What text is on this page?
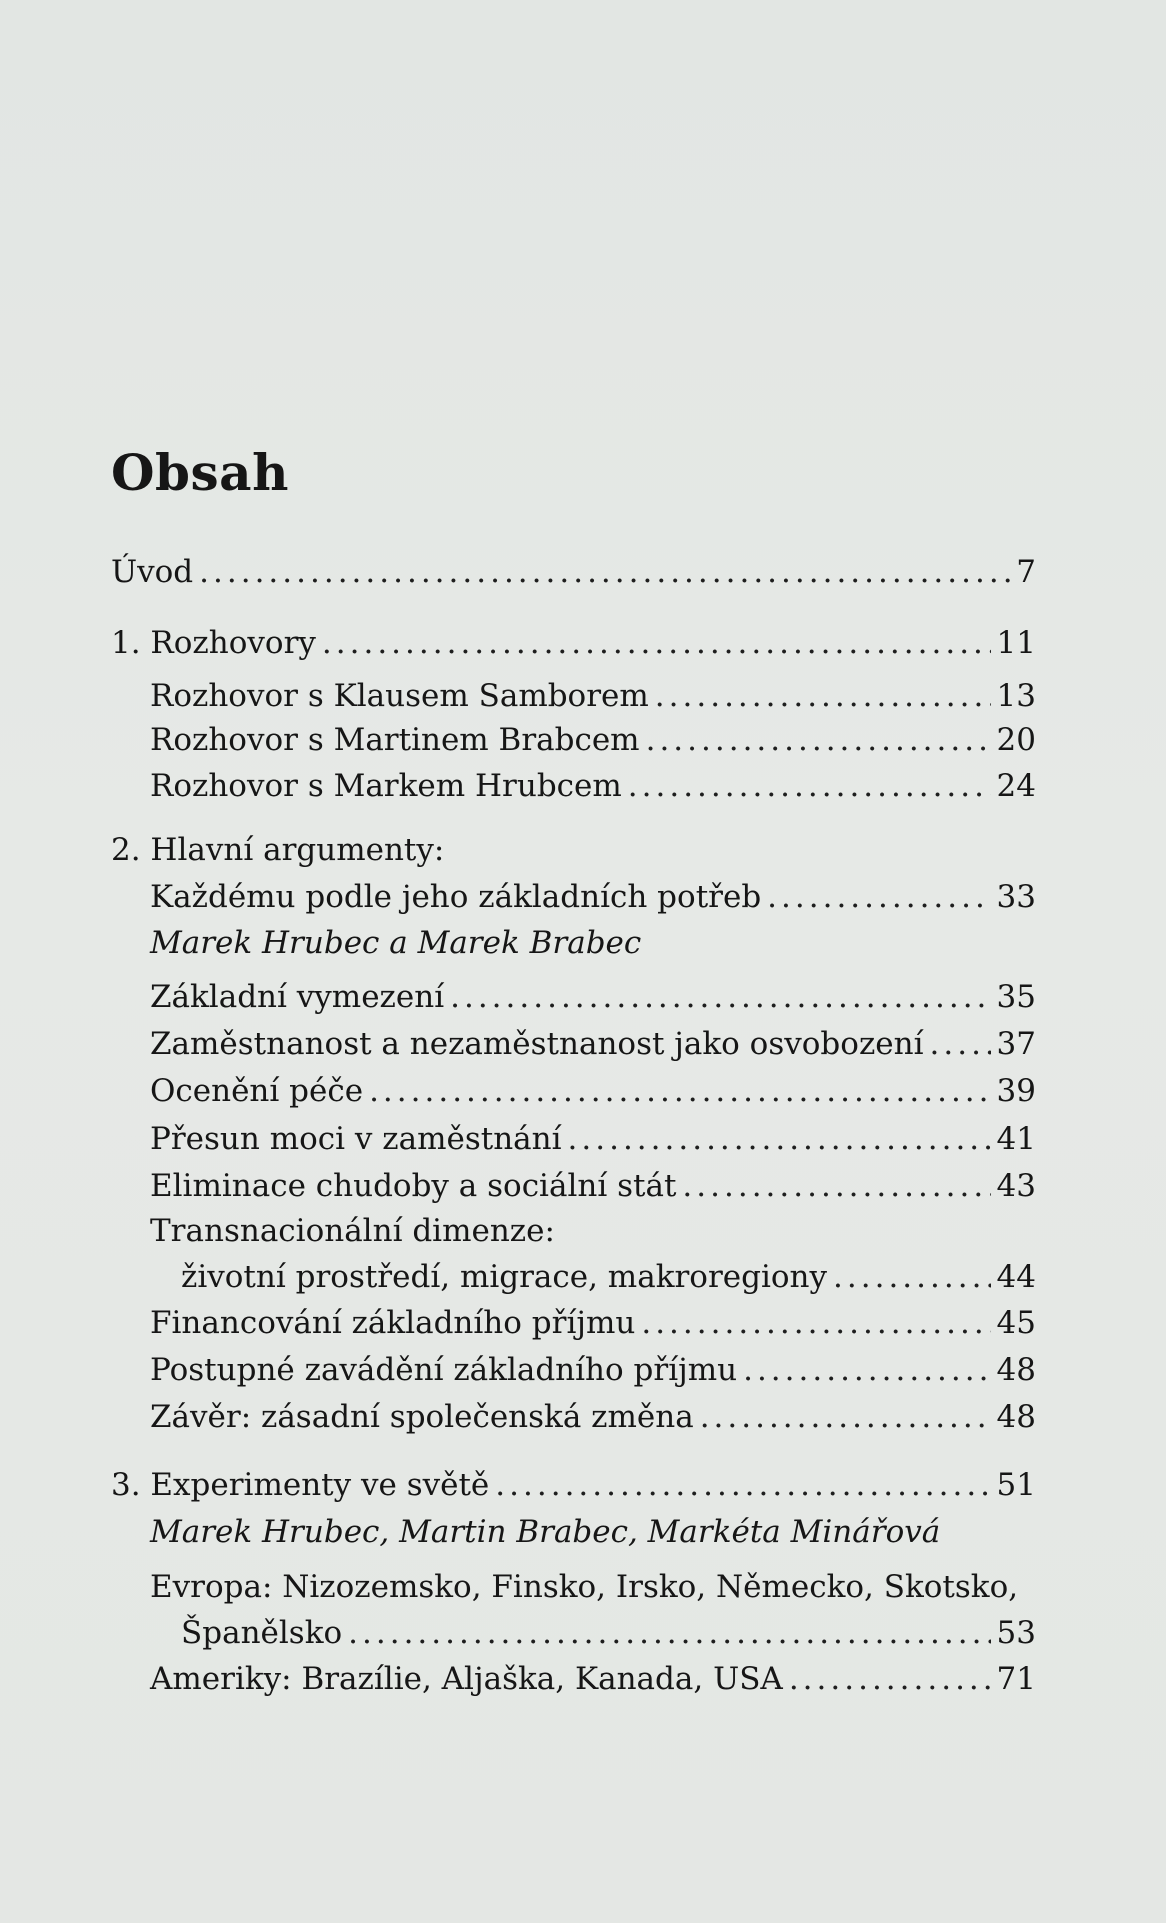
Obsah
Úvod .....	7
1. Rozhovory .....	11
Rozhovor s Klausem Samborem .....	13
Rozhovor s Martinem Brabcem .....	20
Rozhovor s Markem Hrubcem .....	24
2. Hlavní argumenty:
Každému podle jeho základních potřeb .....	33
Marek Hrubec a Marek Brabec
Základní vymezení .....	35
Zaměstnanost a nezaměstnanost jako osvobození ..... 37
Ocenění péče .....	39
Přesun moci v zaměstnání .....	41
Eliminace chudoby a sociální stát .....	43
Transnacionální dimenze:
životní prostředí, migrace, makroregiony .....	44
Financování základního příjmu .....	45
Postupné zavádění základního příjmu .....	48
Závěr: zásadní společenská změna .....	48
3. Experimenty ve světě .....	51
Marek Hrubec, Martin Brabec, Markéta Minářová
Evropa: Nizozemsko, Finsko, Irsko, Německo, Skotsko,
Španělsko .....	53
Ameriky: Brazílie, Aljaška, Kanada, USA .....	71
